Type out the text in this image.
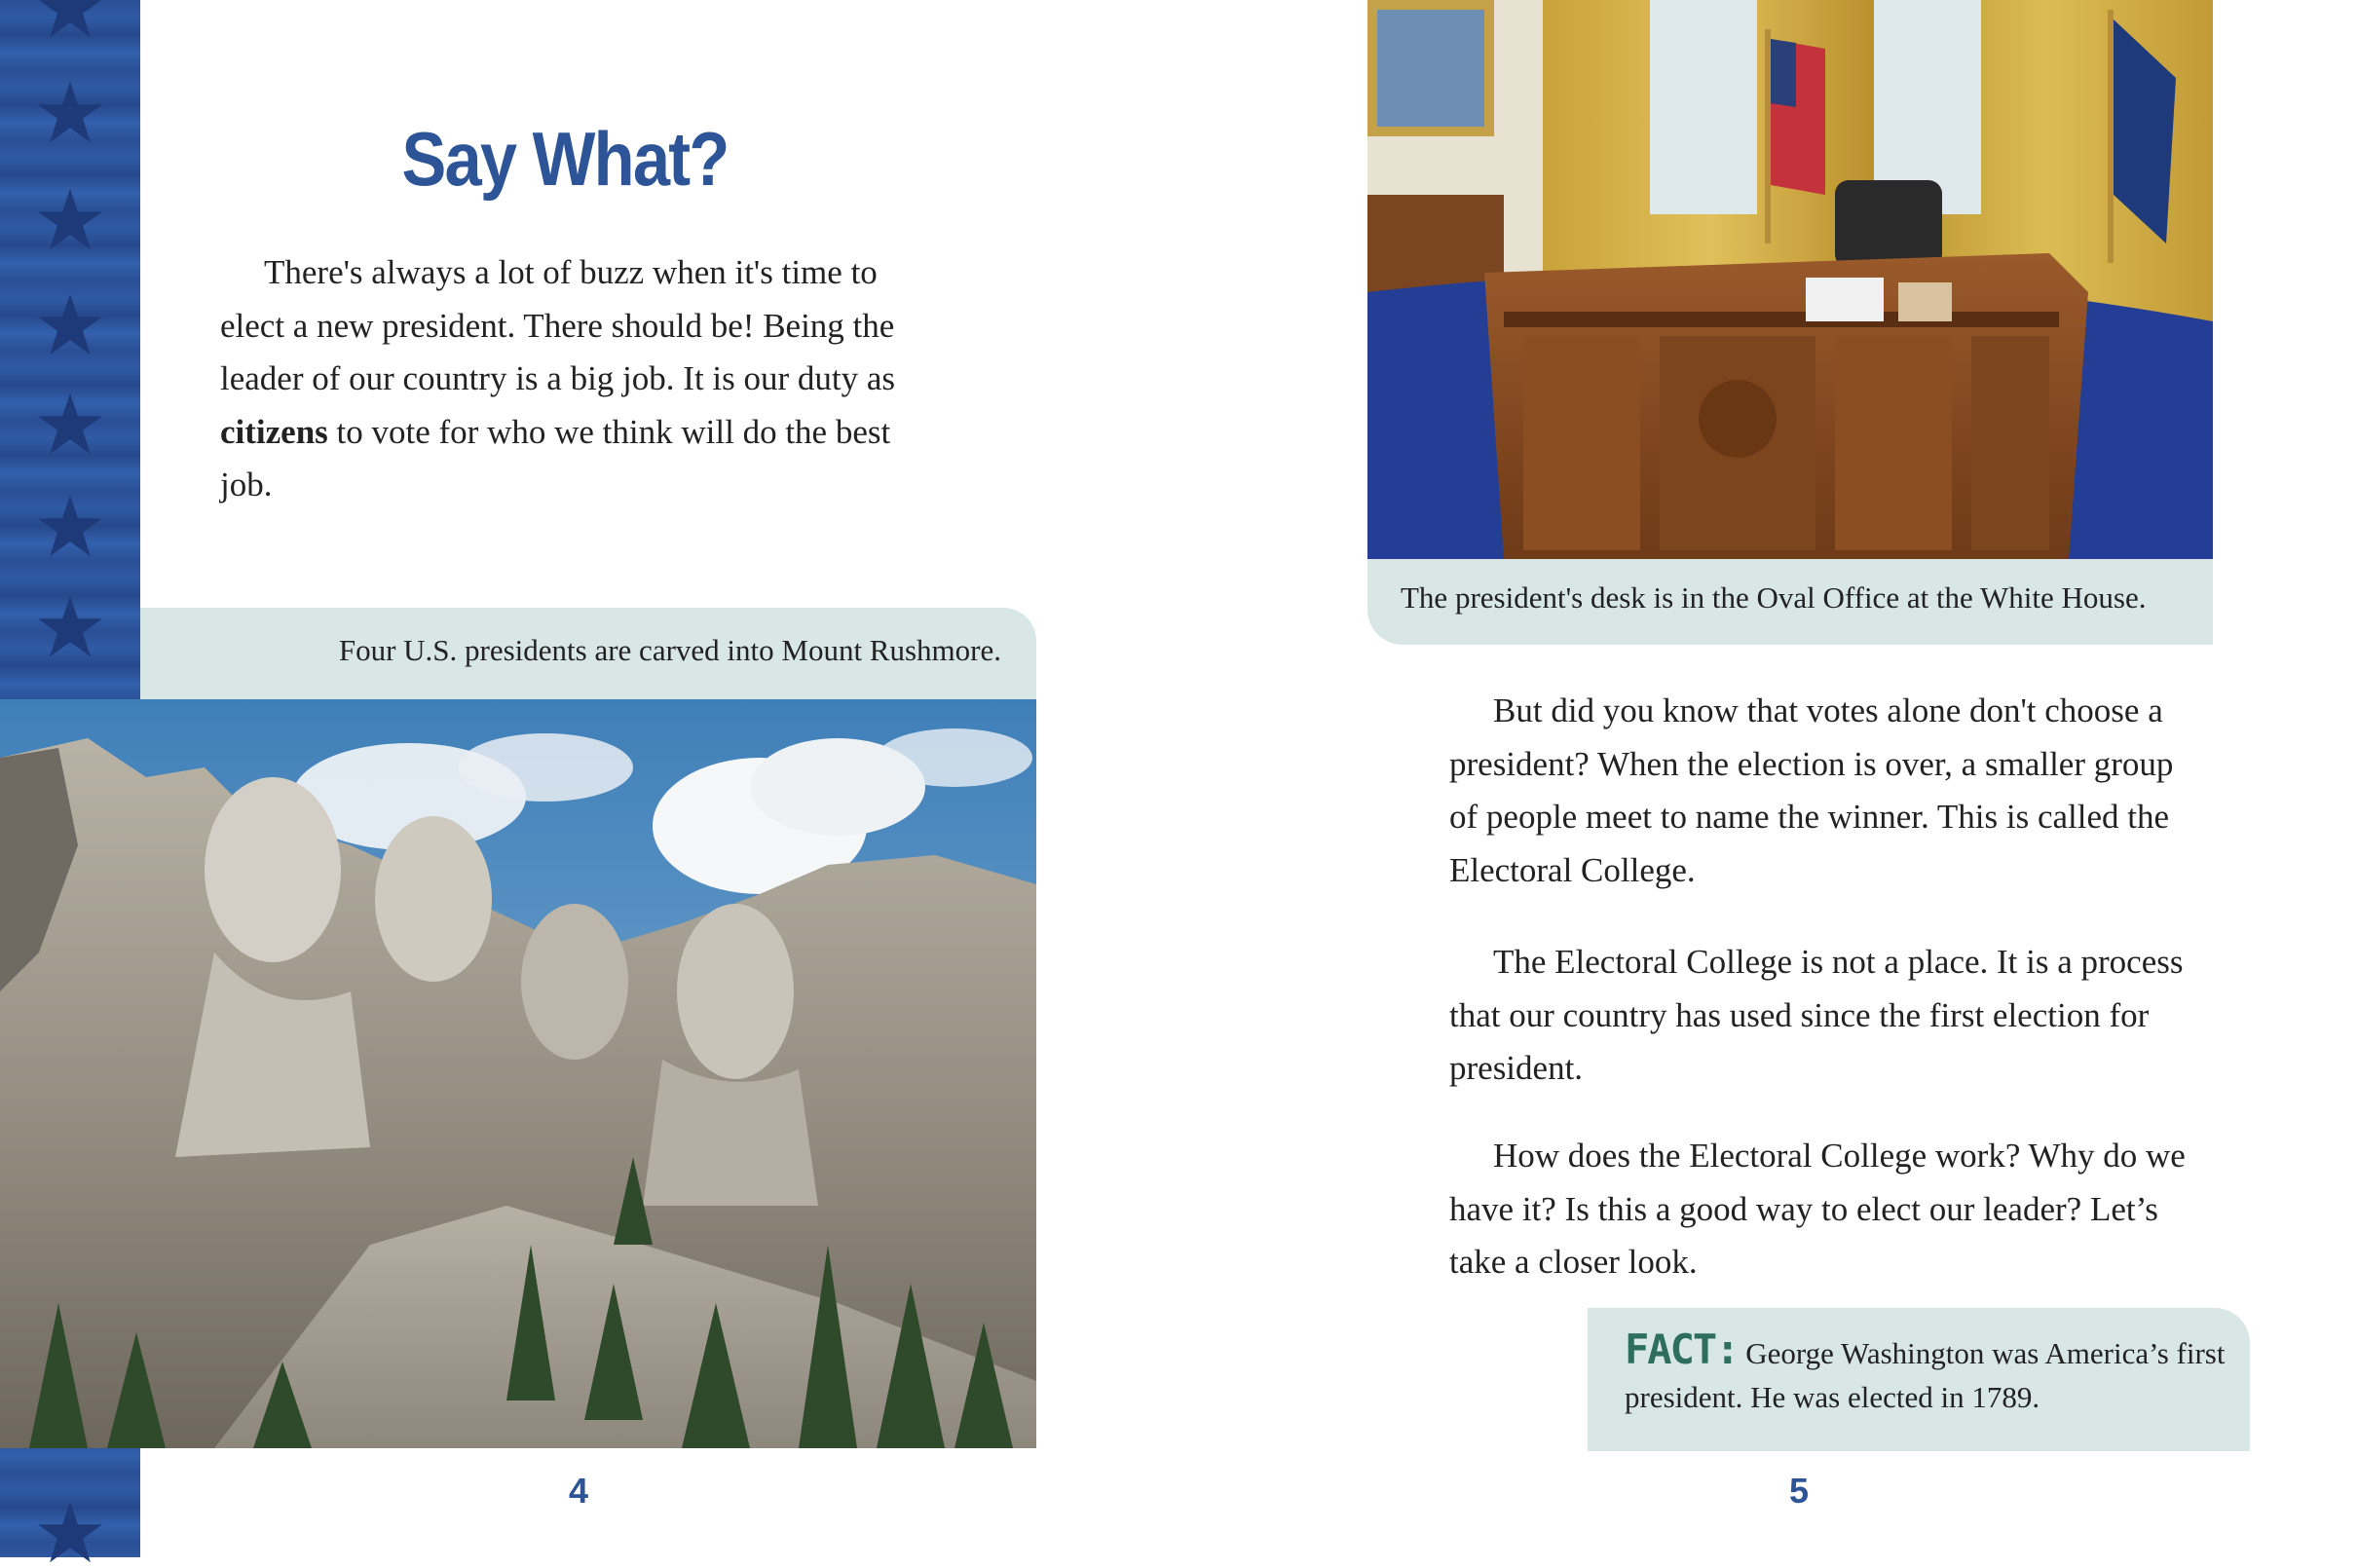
Say What?

There's always a lot of buzz when it's time to elect a new president. There should be! Being the leader of our country is a big job. It is our duty as citizens to vote for who we think will do the best job.

Four U.S. presidents are carved into Mount Rushmore.
4
The president's desk is in the Oval Office at the White House.

But did you know that votes alone don't choose a president? When the election is over, a smaller group of people meet to name the winner. This is called the Electoral College.

The Electoral College is not a place. It is a process that our country has used since the first election for president.

How does the Electoral College work? Why do we have it? Is this a good way to elect our leader? Let’s take a closer look.

FACT: George Washington was America’s first president. He was elected in 1789.
5
